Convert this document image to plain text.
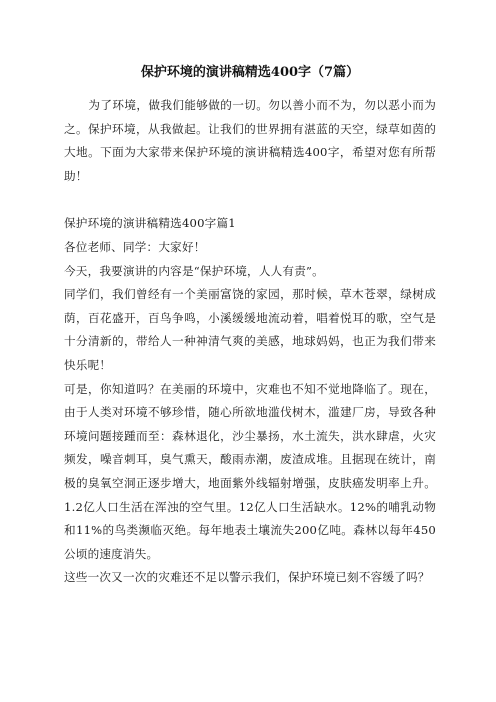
保护环境的演讲稿精选400字（7篇）

为了环境，做我们能够做的一切。勿以善小而不为，勿以恶小而为之。保护环境，从我做起。让我们的世界拥有湛蓝的天空，绿草如茵的大地。下面为大家带来保护环境的演讲稿精选400字，希望对您有所帮助！

保护环境的演讲稿精选400字篇1

各位老师、同学：大家好！

今天，我要演讲的内容是“保护环境，人人有责”。

同学们，我们曾经有一个美丽富饶的家园，那时候，草木苍翠，绿树成荫，百花盛开，百鸟争鸣，小溪缓缓地流动着，唱着悦耳的歌，空气是十分清新的，带给人一种神清气爽的美感，地球妈妈，也正为我们带来快乐呢！

可是，你知道吗？在美丽的环境中，灾难也不知不觉地降临了。现在，由于人类对环境不够珍惜，随心所欲地滥伐树木，滥建厂房，导致各种环境问题接踵而至：森林退化，沙尘暴扬，水土流失，洪水肆虐，火灾频发，噪音刺耳，臭气熏天，酸雨赤潮，废渣成堆。且据现在统计，南极的臭氧空洞正逐步增大，地面紫外线辐射增强，皮肤癌发明率上升。1.2亿人口生活在浑浊的空气里。12亿人口生活缺水。12%的哺乳动物和11%的鸟类濒临灭绝。每年地表土壤流失200亿吨。森林以每年450公顷的速度消失。

这些一次又一次的灾难还不足以警示我们，保护环境已刻不容缓了吗？
